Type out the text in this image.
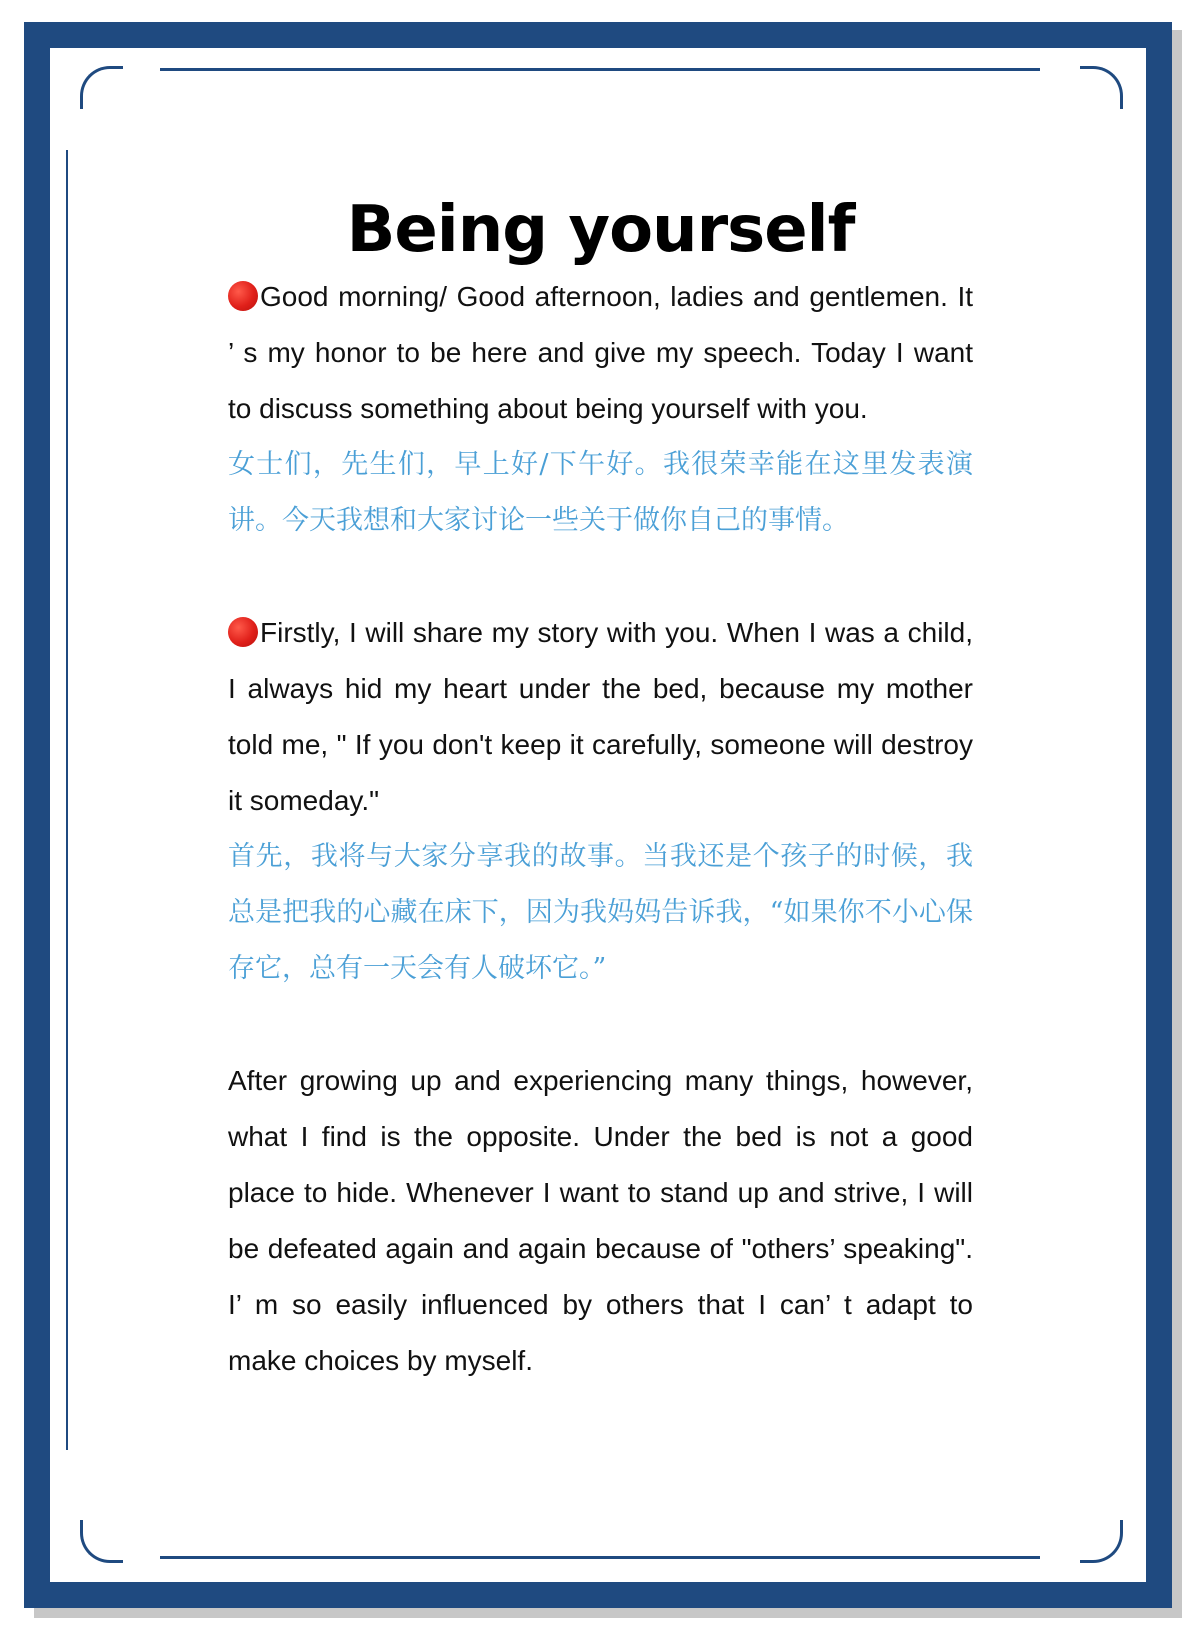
Being yourself

Good morning/ Good afternoon, ladies and gentlemen. It ’ s my honor to be here and give my speech. Today I want to discuss something about being yourself with you.

女士们，先生们，早上好/下午好。我很荣幸能在这里发表演讲。今天我想和大家讨论一些关于做你自己的事情。

Firstly, I will share my story with you. When I was a child, I always hid my heart under the bed, because my mother told me, " If you don't keep it carefully, someone will destroy it someday."

首先，我将与大家分享我的故事。当我还是个孩子的时候，我总是把我的心藏在床下，因为我妈妈告诉我，“如果你不小心保存它，总有一天会有人破坏它。”

After growing up and experiencing many things, however, what I find is the opposite. Under the bed is not a good place to hide. Whenever I want to stand up and strive, I will be defeated again and again because of "others’ speaking". I’ m so easily influenced by others that I can’ t adapt to make choices by myself.
